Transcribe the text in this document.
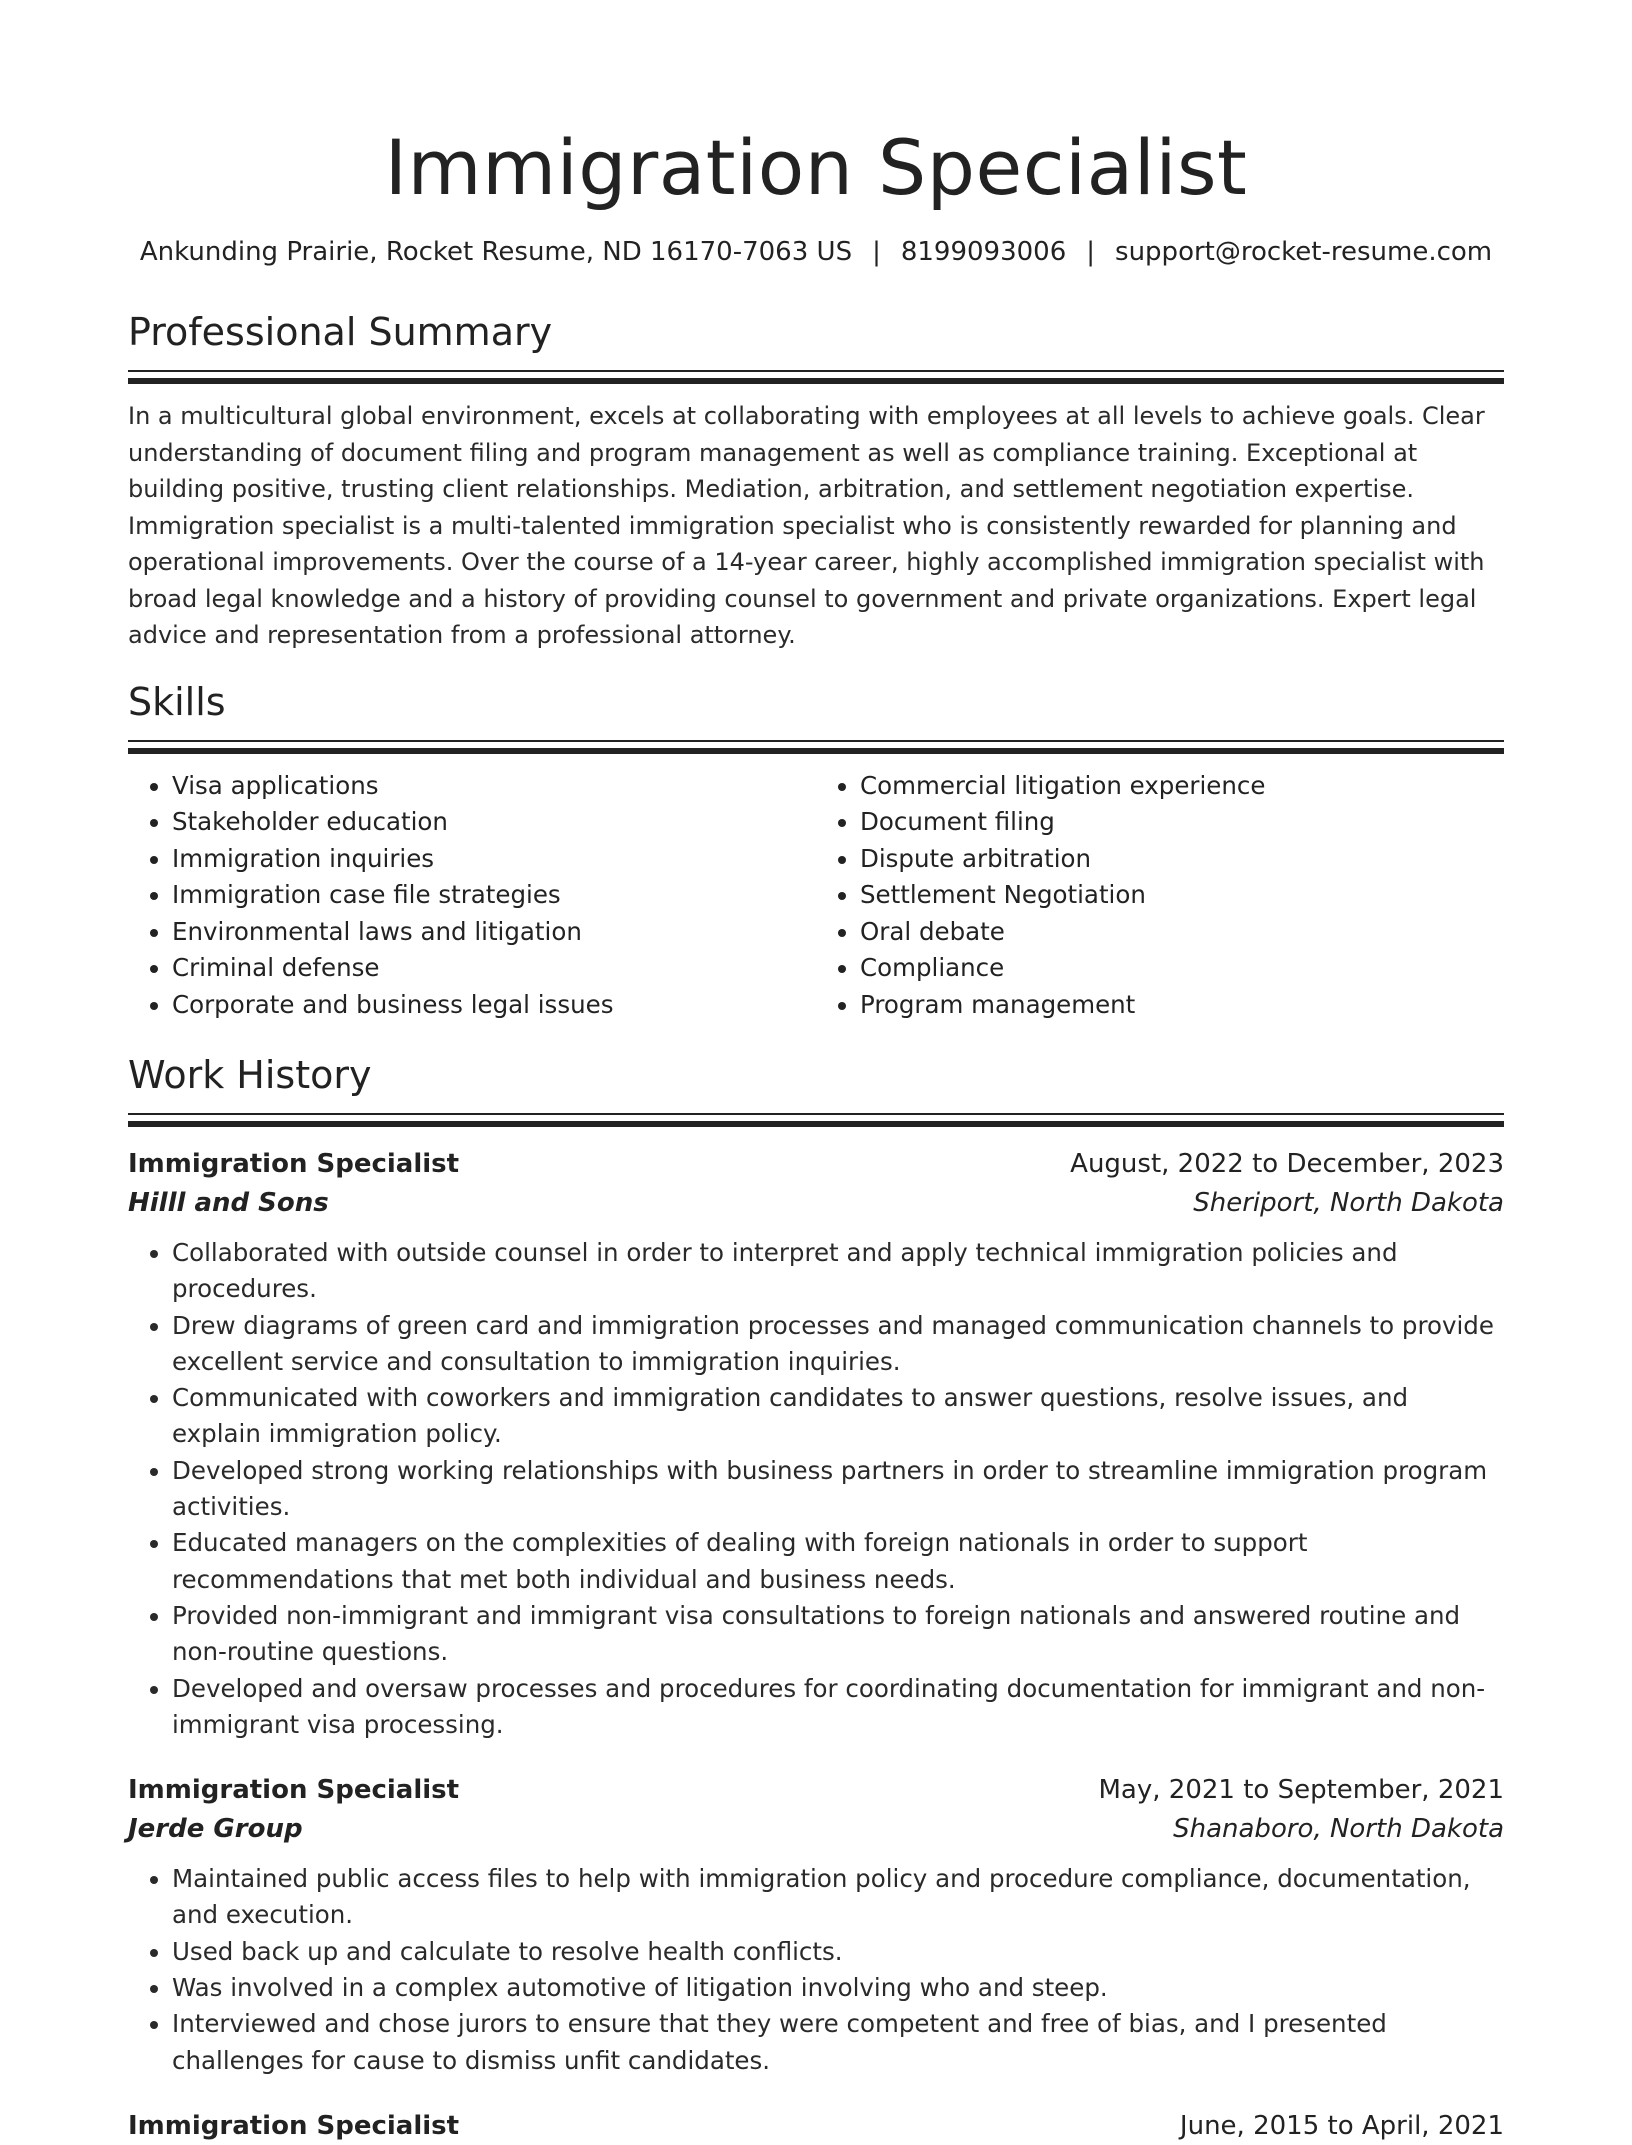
Immigration Specialist
Ankunding Prairie, Rocket Resume, ND 16170-7063 US | 8199093006 | support@rocket-resume.com
Professional Summary

In a multicultural global environment, excels at collaborating with employees at all levels to achieve goals. Clear understanding of document filing and program management as well as compliance training. Exceptional at building positive, trusting client relationships. Mediation, arbitration, and settlement negotiation expertise. Immigration specialist is a multi-talented immigration specialist who is consistently rewarded for planning and operational improvements. Over the course of a 14-year career, highly accomplished immigration specialist with broad legal knowledge and a history of providing counsel to government and private organizations. Expert legal advice and representation from a professional attorney.

Skills
• Visa applications
• Stakeholder education
• Immigration inquiries
• Immigration case file strategies
• Environmental laws and litigation
• Criminal defense
• Corporate and business legal issues
• Commercial litigation experience
• Document filing
• Dispute arbitration
• Settlement Negotiation
• Oral debate
• Compliance
• Program management
Work History
Immigration Specialist	August, 2022 to December, 2023
Hilll and Sons	Sheriport, North Dakota
• Collaborated with outside counsel in order to interpret and apply technical immigration policies and procedures.
• Drew diagrams of green card and immigration processes and managed communication channels to provide excellent service and consultation to immigration inquiries.
• Communicated with coworkers and immigration candidates to answer questions, resolve issues, and explain immigration policy.
• Developed strong working relationships with business partners in order to streamline immigration program activities.
• Educated managers on the complexities of dealing with foreign nationals in order to support recommendations that met both individual and business needs.
• Provided non-immigrant and immigrant visa consultations to foreign nationals and answered routine and non-routine questions.
• Developed and oversaw processes and procedures for coordinating documentation for immigrant and non-immigrant visa processing.
Immigration Specialist	May, 2021 to September, 2021
Jerde Group	Shanaboro, North Dakota
• Maintained public access files to help with immigration policy and procedure compliance, documentation, and execution.
• Used back up and calculate to resolve health conflicts.
• Was involved in a complex automotive of litigation involving who and steep.
• Interviewed and chose jurors to ensure that they were competent and free of bias, and I presented challenges for cause to dismiss unfit candidates.
Immigration Specialist	June, 2015 to April, 2021
